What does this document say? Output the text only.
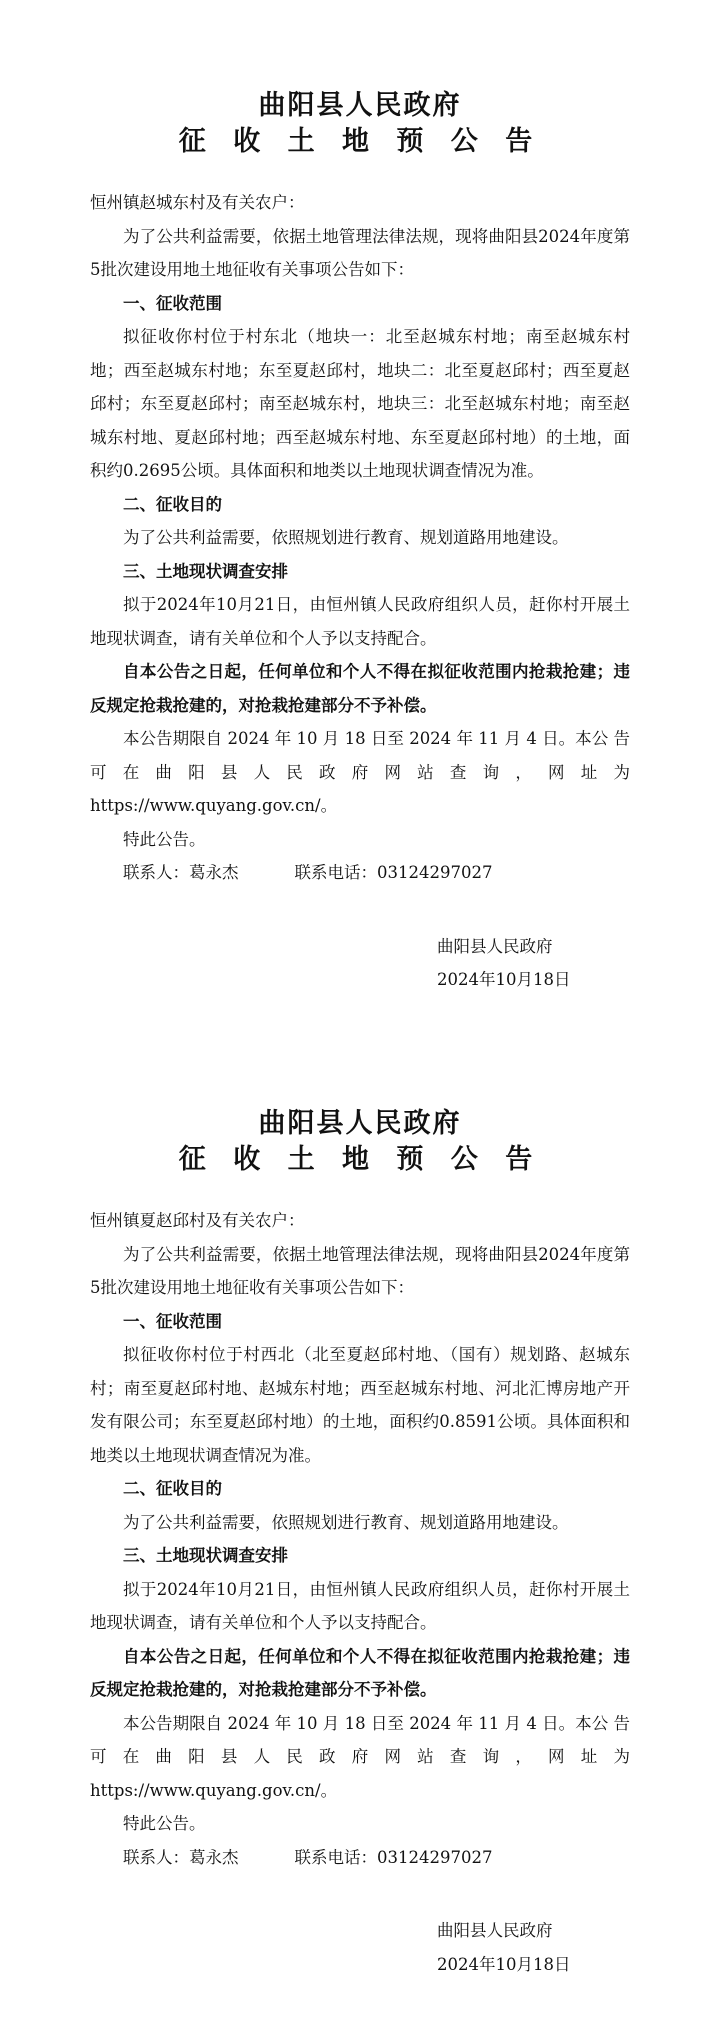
曲阳县人民政府

征 收 土 地 预 公 告

恒州镇赵城东村及有关农户：

为了公共利益需要，依据土地管理法律法规，现将曲阳县2024年度第5批次建设用地土地征收有关事项公告如下：

一、征收范围

拟征收你村位于村东北（地块一：北至赵城东村地；南至赵城东村地；西至赵城东村地；东至夏赵邱村，地块二：北至夏赵邱村；西至夏赵邱村；东至夏赵邱村；南至赵城东村，地块三：北至赵城东村地；南至赵城东村地、夏赵邱村地；西至赵城东村地、东至夏赵邱村地）的土地，面积约0.2695公顷。具体面积和地类以土地现状调查情况为准。

二、征收目的

为了公共利益需要，依照规划进行教育、规划道路用地建设。

三、土地现状调查安排

拟于2024年10月21日，由恒州镇人民政府组织人员，赶你村开展土地现状调查，请有关单位和个人予以支持配合。

自本公告之日起，任何单位和个人不得在拟征收范围内抢栽抢建；违反规定抢栽抢建的，对抢栽抢建部分不予补偿。

本公告期限自 2024 年 10 月 18 日至 2024 年 11 月 4 日。本公 告 可 在 曲 阳 县 人 民 政 府 网 站 查 询 ， 网 址 为 https://www.quyang.gov.cn/。

特此公告。

联系人：葛永杰	联系电话：03124297027

曲阳县人民政府
2024年10月18日

曲阳县人民政府

征 收 土 地 预 公 告

恒州镇夏赵邱村及有关农户：

为了公共利益需要，依据土地管理法律法规，现将曲阳县2024年度第5批次建设用地土地征收有关事项公告如下：

一、征收范围

拟征收你村位于村西北（北至夏赵邱村地、（国有）规划路、赵城东村；南至夏赵邱村地、赵城东村地；西至赵城东村地、河北汇博房地产开发有限公司；东至夏赵邱村地）的土地，面积约0.8591公顷。具体面积和地类以土地现状调查情况为准。

二、征收目的

为了公共利益需要，依照规划进行教育、规划道路用地建设。

三、土地现状调查安排

拟于2024年10月21日，由恒州镇人民政府组织人员，赶你村开展土地现状调查，请有关单位和个人予以支持配合。

自本公告之日起，任何单位和个人不得在拟征收范围内抢栽抢建；违反规定抢栽抢建的，对抢栽抢建部分不予补偿。

本公告期限自 2024 年 10 月 18 日至 2024 年 11 月 4 日。本公 告 可 在 曲 阳 县 人 民 政 府 网 站 查 询 ， 网 址 为 https://www.quyang.gov.cn/。

特此公告。

联系人：葛永杰	联系电话：03124297027

曲阳县人民政府
2024年10月18日
